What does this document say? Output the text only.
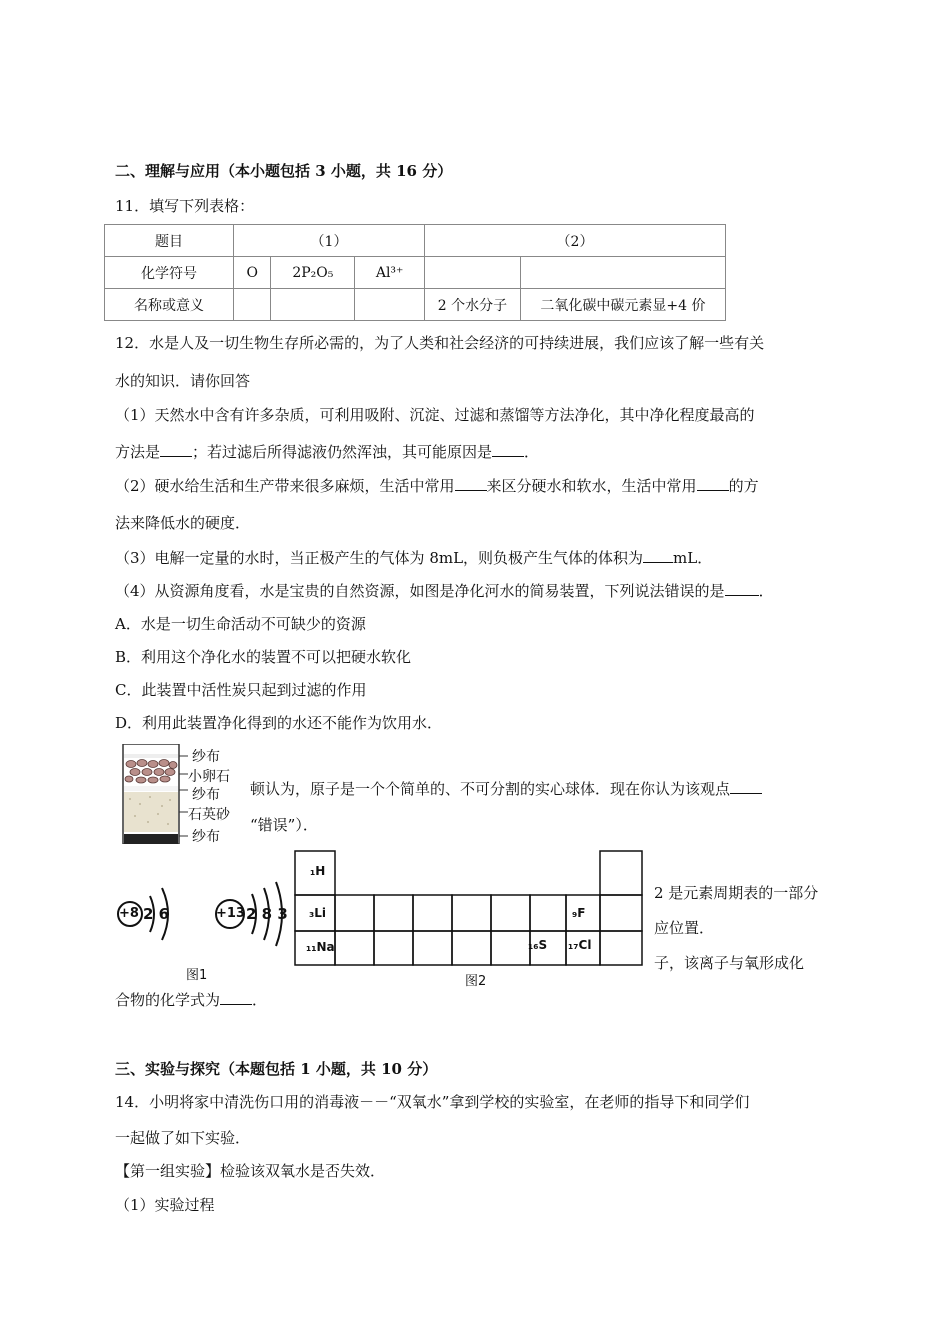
二、理解与应用（本小题包括 3 小题，共 16 分）
11．填写下列表格：
题目	（1）			（2）	
化学符号	O	2P₂O₅	Al³⁺		
名称或意义				2 个水分子	二氧化碳中碳元素显+4 价
12．水是人及一切生物生存所必需的，为了人类和社会经济的可持续进展，我们应该了解一些有关
水的知识．请你回答
（1）天然水中含有许多杂质，可利用吸附、沉淀、过滤和蒸馏等方法净化，其中净化程度最高的
方法是 ；若过滤后所得滤液仍然浑浊，其可能原因是 ．
（2）硬水给生活和生产带来很多麻烦，生活中常用 来区分硬水和软水，生活中常用 的方
法来降低水的硬度．
（3）电解一定量的水时，当正极产生的气体为 8mL，则负极产生气体的体积为 mL．
（4）从资源角度看，水是宝贵的自然资源，如图是净化河水的简易装置，下列说法错误的是 ．
A．水是一切生命活动不可缺少的资源
B．利用这个净化水的装置不可以把硬水软化
C．此装置中活性炭只起到过滤的作用
D．利用此装置净化得到的水还不能作为饮用水．
纱布
小卵石
纱布
石英砂
纱布
顿认为，原子是一个个简单的、不可分割的实心球体．现在你认为该观点
“错误”）．
2 是元素周期表的一部分
应位置．
子，该离子与氧形成化
合物的化学式为 ．
+8 2 6	+13 2 8 3
图1
₁H
₃Li
₁₁Na
₉F
₁₆S ₁₇Cl
图2
三、实验与探究（本题包括 1 小题，共 10 分）
14．小明将家中清洗伤口用的消毒液－－“双氧水”拿到学校的实验室，在老师的指导下和同学们
一起做了如下实验．
【第一组实验】检验该双氧水是否失效．
（1）实验过程
